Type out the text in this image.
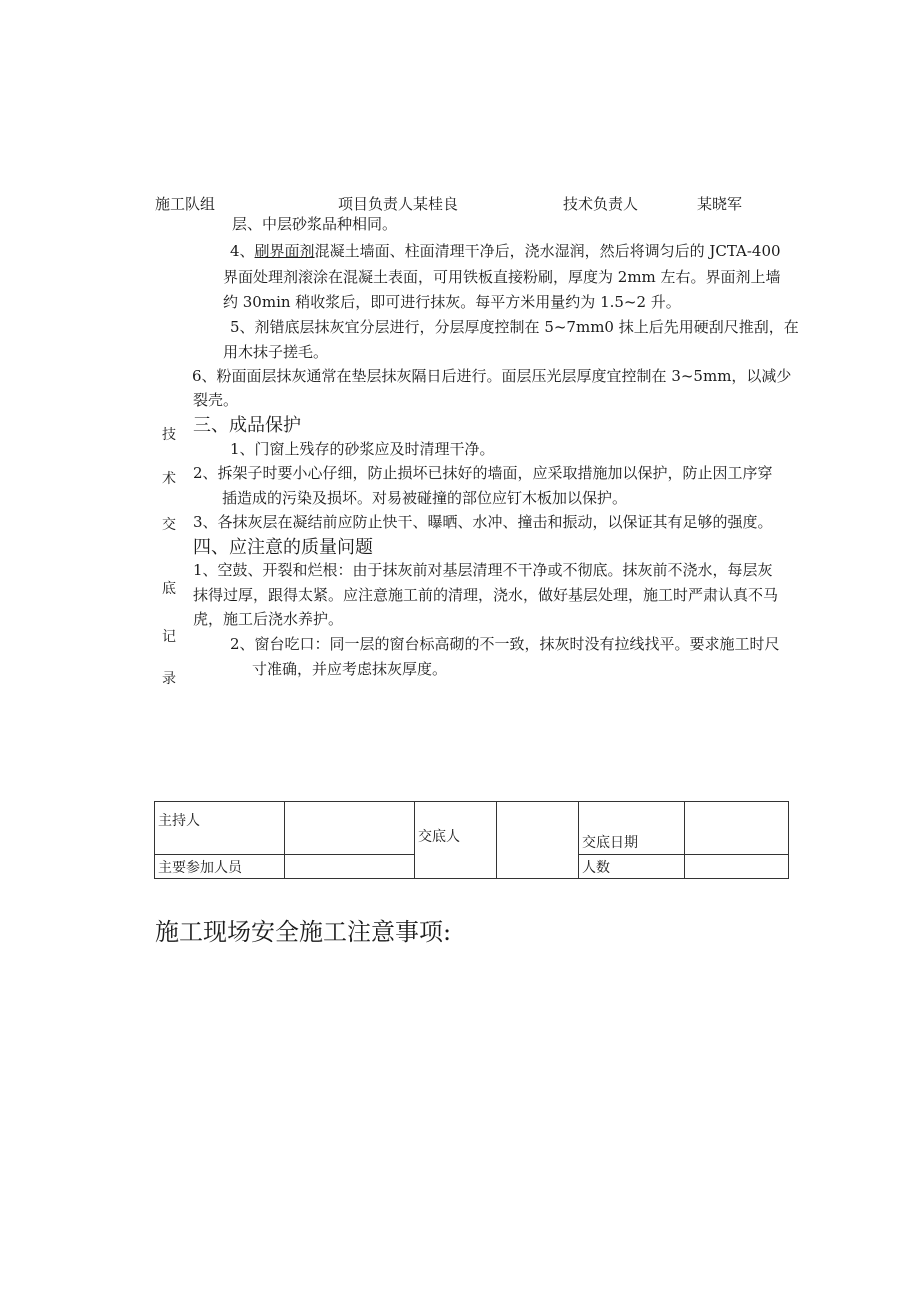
施工队组	项目负责人 某桂良	技术负责人	某晓军
技
术
交
底
记
录
层、中层砂浆品种相同。
4、刷界面剂混凝土墙面、柱面清理干净后，浇水湿润，然后将调匀后的 JCTA-400
界面处理剂滚涂在混凝土表面，可用铁板直接粉刷，厚度为 2mm 左右。界面剂上墙
约 30min 稍收浆后，即可进行抹灰。每平方米用量约为 1.5~2 升。
5、剂错底层抹灰宜分层进行，分层厚度控制在 5~7mm0 抹上后先用硬刮尺推刮，在
用木抹子搓毛。
6、粉面面层抹灰通常在垫层抹灰隔日后进行。面层压光层厚度宜控制在 3~5mm，以减少
裂壳。
三、成品保护
1、门窗上残存的砂浆应及时清理干净。
2、拆架子时要小心仔细，防止损坏已抹好的墙面，应采取措施加以保护，防止因工序穿
插造成的污染及损坏。对易被碰撞的部位应钉木板加以保护。
3、各抹灰层在凝结前应防止快干、曝晒、水冲、撞击和振动，以保证其有足够的强度。
四、应注意的质量问题
1、空鼓、开裂和烂根：由于抹灰前对基层清理不干净或不彻底。抹灰前不浇水，每层灰
抹得过厚，跟得太紧。应注意施工前的清理，浇水，做好基层处理，施工时严肃认真不马
虎，施工后浇水养护。
2、窗台吃口：同一层的窗台标高砌的不一致，抹灰时没有拉线找平。要求施工时尺
寸准确，并应考虑抹灰厚度。
主持人		交底人		交底日期	
主要参加人员				人数	
施工现场安全施工注意事项:
